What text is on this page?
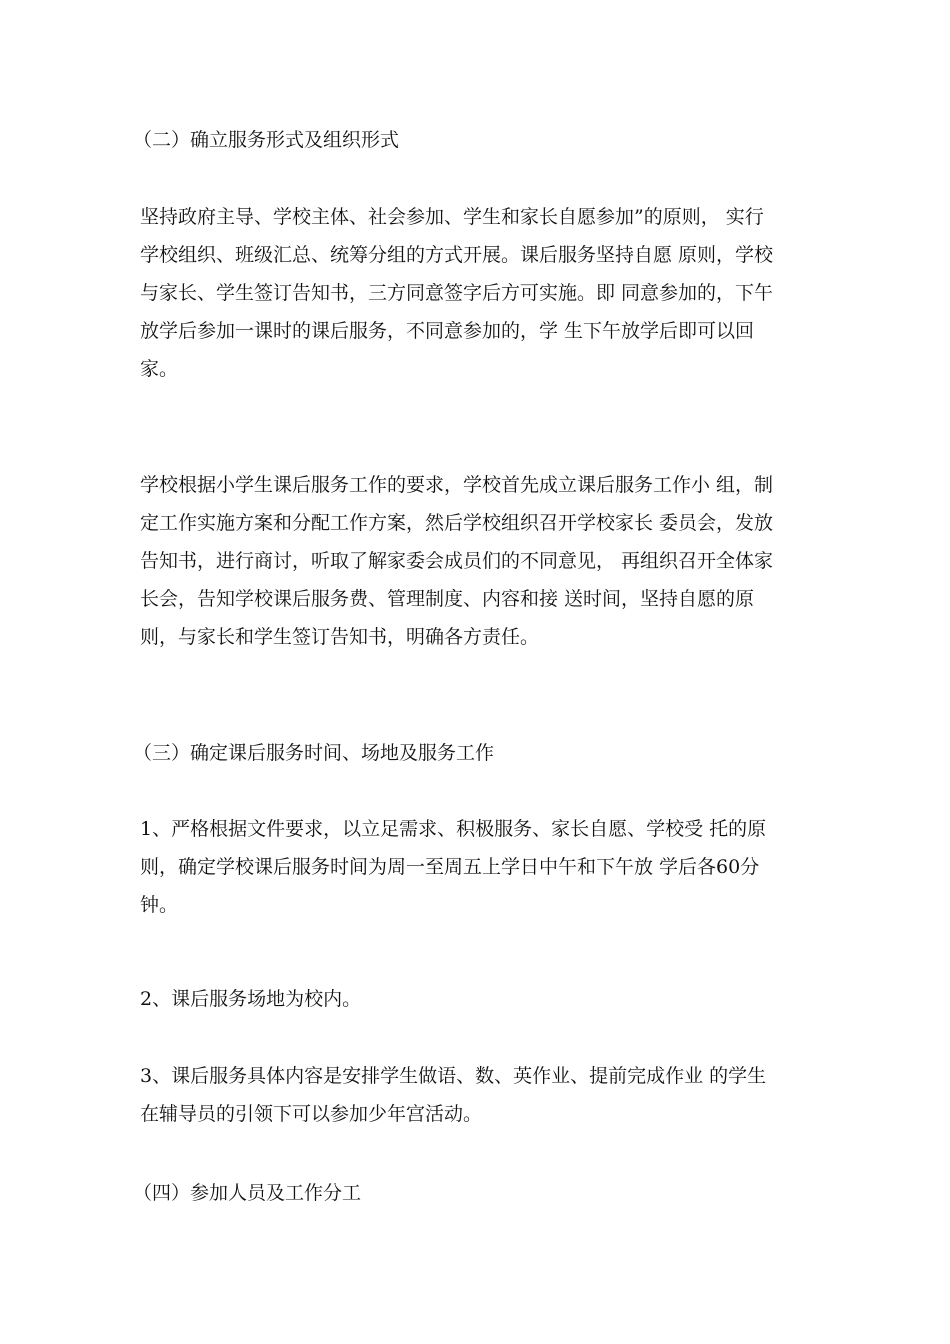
（二）确立服务形式及组织形式

坚持政府主导、学校主体、社会参加、学生和家长自愿参加”的原则， 实行
学校组织、班级汇总、统筹分组的方式开展。课后服务坚持自愿 原则，学校
与家长、学生签订告知书，三方同意签字后方可实施。即 同意参加的，下午
放学后参加一课时的课后服务，不同意参加的，学 生下午放学后即可以回
家。

学校根据小学生课后服务工作的要求，学校首先成立课后服务工作小 组，制
定工作实施方案和分配工作方案，然后学校组织召开学校家长 委员会，发放
告知书，进行商讨，听取了解家委会成员们的不同意见， 再组织召开全体家
长会，告知学校课后服务费、管理制度、内容和接 送时间，坚持自愿的原
则，与家长和学生签订告知书，明确各方责任。

（三）确定课后服务时间、场地及服务工作

1、严格根据文件要求，以立足需求、积极服务、家长自愿、学校受 托的原
则，确定学校课后服务时间为周一至周五上学日中午和下午放 学后各60分
钟。

2、课后服务场地为校内。

3、课后服务具体内容是安排学生做语、数、英作业、提前完成作业 的学生
在辅导员的引领下可以参加少年宫活动。

（四）参加人员及工作分工
